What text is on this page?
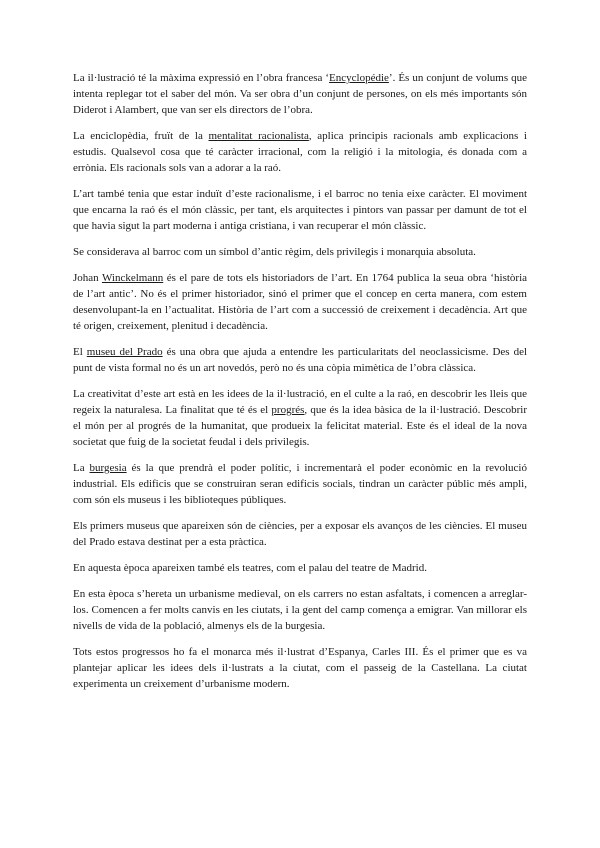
La il·lustració té la màxima expressió en l’obra francesa ‘Encyclopédie’. És un conjunt de volums que intenta replegar tot el saber del món. Va ser obra d’un conjunt de persones, on els més importants són Diderot i Alambert, que van ser els directors de l’obra.

La enciclopèdia, fruït de la mentalitat racionalista, aplica principis racionals amb explicacions i estudis. Qualsevol cosa que té caràcter irracional, com la religió i la mitologia, és donada com a errònia. Els racionals sols van a adorar a la raó.

L’art també tenia que estar induït d’este racionalisme, i el barroc no tenia eixe caràcter. El moviment que encarna la raó és el món clàssic, per tant, els arquitectes i pintors van passar per damunt de tot el que havia sigut la part moderna i antiga cristiana, i van recuperar el món clàssic.

Se considerava al barroc com un símbol d’antic règim, dels privilegis i monarquia absoluta.

Johan Winckelmann és el pare de tots els historiadors de l’art. En 1764 publica la seua obra ‘història de l’art antic’. No és el primer historiador, sinó el primer que el concep en certa manera, com estem desenvolupant-la en l’actualitat. Història de l’art com a successió de creixement i decadència. Art que té origen, creixement, plenitud i decadència.

El museu del Prado és una obra que ajuda a entendre les particularitats del neoclassicisme. Des del punt de vista formal no és un art novedós, però no és una còpia mimètica de l’obra clàssica.

La creativitat d’este art està en les idees de la il·lustració, en el culte a la raó, en descobrir les lleis que regeix la naturalesa. La finalitat que té és el progrés, que és la idea bàsica de la il·lustració. Descobrir el món per al progrés de la humanitat, que produeix la felicitat material. Este és el ideal de la nova societat que fuig de la societat feudal i dels privilegis.

La burgesia és la que prendrà el poder polític, i incrementarà el poder econòmic en la revolució industrial. Els edificis que se construiran seran edificis socials, tindran un caràcter públic més ampli, com són els museus i les biblioteques públiques.

Els primers museus que apareixen són de ciències, per a exposar els avanços de les ciències. El museu del Prado estava destinat per a esta pràctica.

En aquesta època apareixen també els teatres, com el palau del teatre de Madrid.

En esta època s’hereta un urbanisme medieval, on els carrers no estan asfaltats, i comencen a arreglar-los. Comencen a fer molts canvis en les ciutats, i la gent del camp comença a emigrar. Van millorar els nivells de vida de la població, almenys els de la burgesia.

Tots estos progressos ho fa el monarca més il·lustrat d’Espanya, Carles III. És el primer que es va plantejar aplicar les idees dels il·lustrats a la ciutat, com el passeig de la Castellana. La ciutat experimenta un creixement d’urbanisme modern.
